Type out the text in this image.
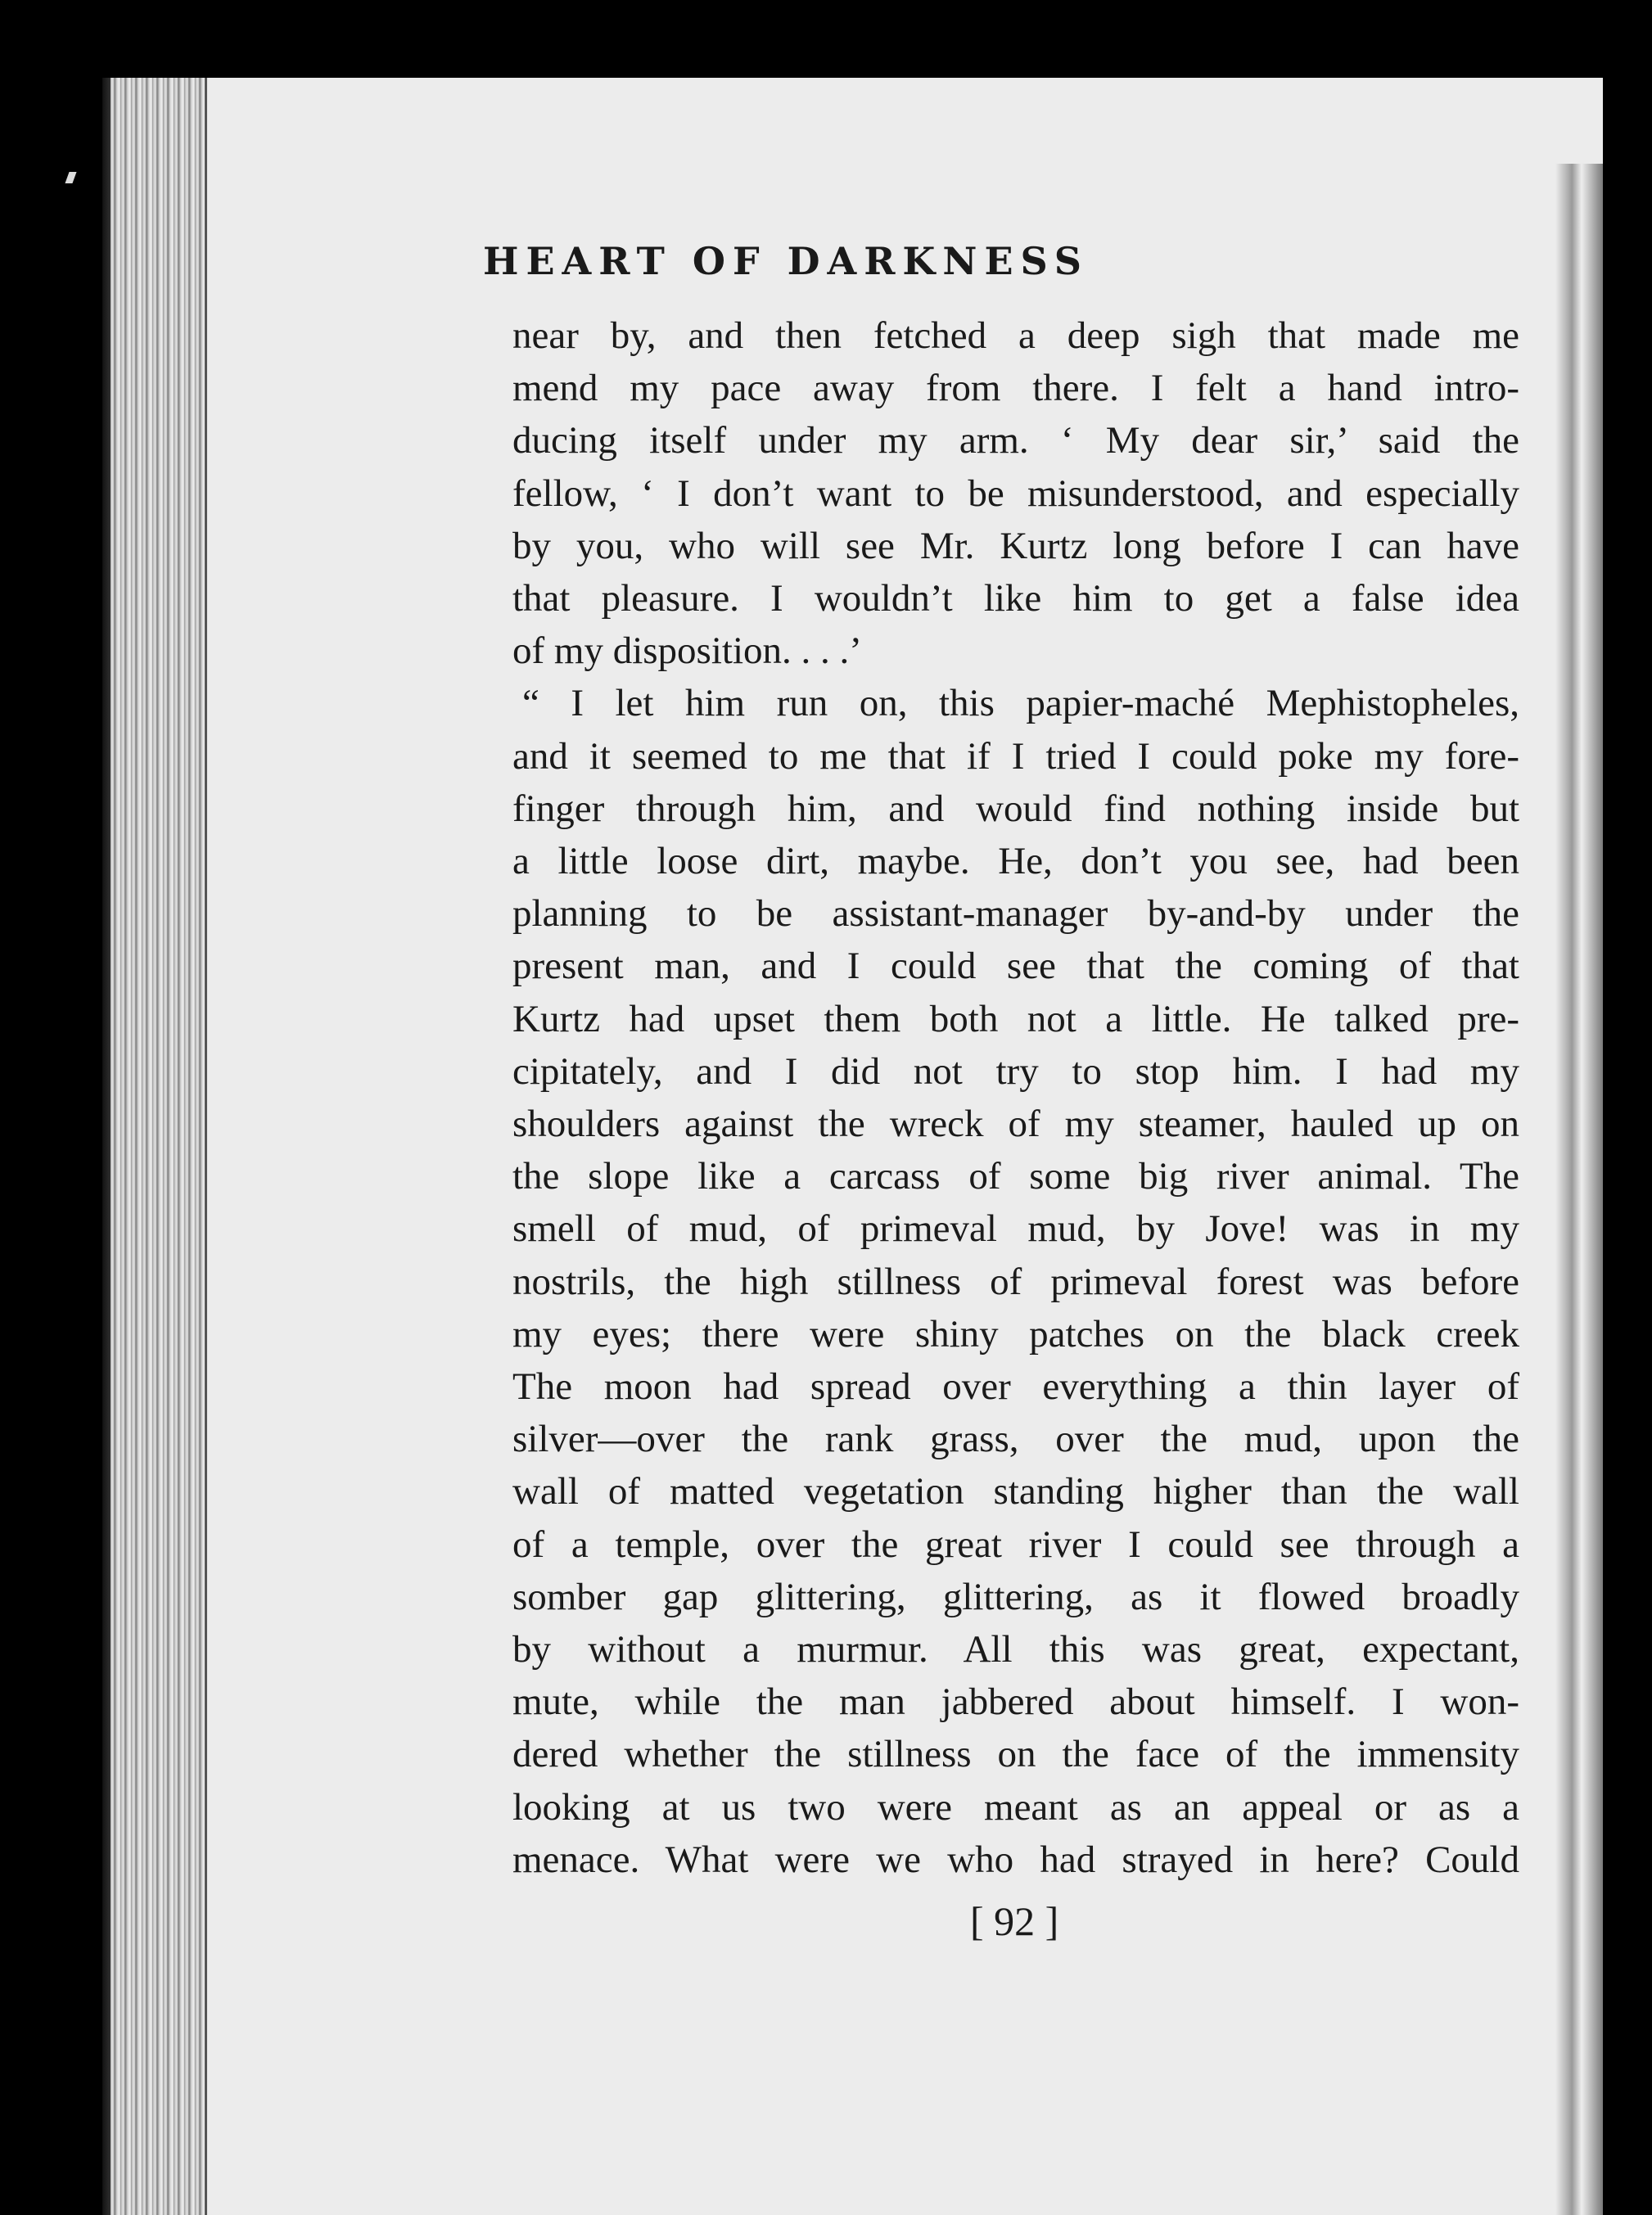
HEART OF DARKNESS
near by, and then fetched a deep sigh that made me
mend my pace away from there. I felt a hand intro-
ducing itself under my arm. ‘ My dear sir,’ said the
fellow, ‘ I don’t want to be misunderstood, and especially
by you, who will see Mr. Kurtz long before I can have
that pleasure. I wouldn’t like him to get a false idea
of my disposition. . . .’
“ I let him run on, this papier-maché Mephistopheles,
and it seemed to me that if I tried I could poke my fore-
finger through him, and would find nothing inside but
a little loose dirt, maybe. He, don’t you see, had been
planning to be assistant-manager by-and-by under the
present man, and I could see that the coming of that
Kurtz had upset them both not a little. He talked pre-
cipitately, and I did not try to stop him. I had my
shoulders against the wreck of my steamer, hauled up on
the slope like a carcass of some big river animal. The
smell of mud, of primeval mud, by Jove! was in my
nostrils, the high stillness of primeval forest was before
my eyes; there were shiny patches on the black creek
The moon had spread over everything a thin layer of
silver—over the rank grass, over the mud, upon the
wall of matted vegetation standing higher than the wall
of a temple, over the great river I could see through a
somber gap glittering, glittering, as it flowed broadly
by without a murmur. All this was great, expectant,
mute, while the man jabbered about himself. I won-
dered whether the stillness on the face of the immensity
looking at us two were meant as an appeal or as a
menace. What were we who had strayed in here? Could
[ 92 ]
